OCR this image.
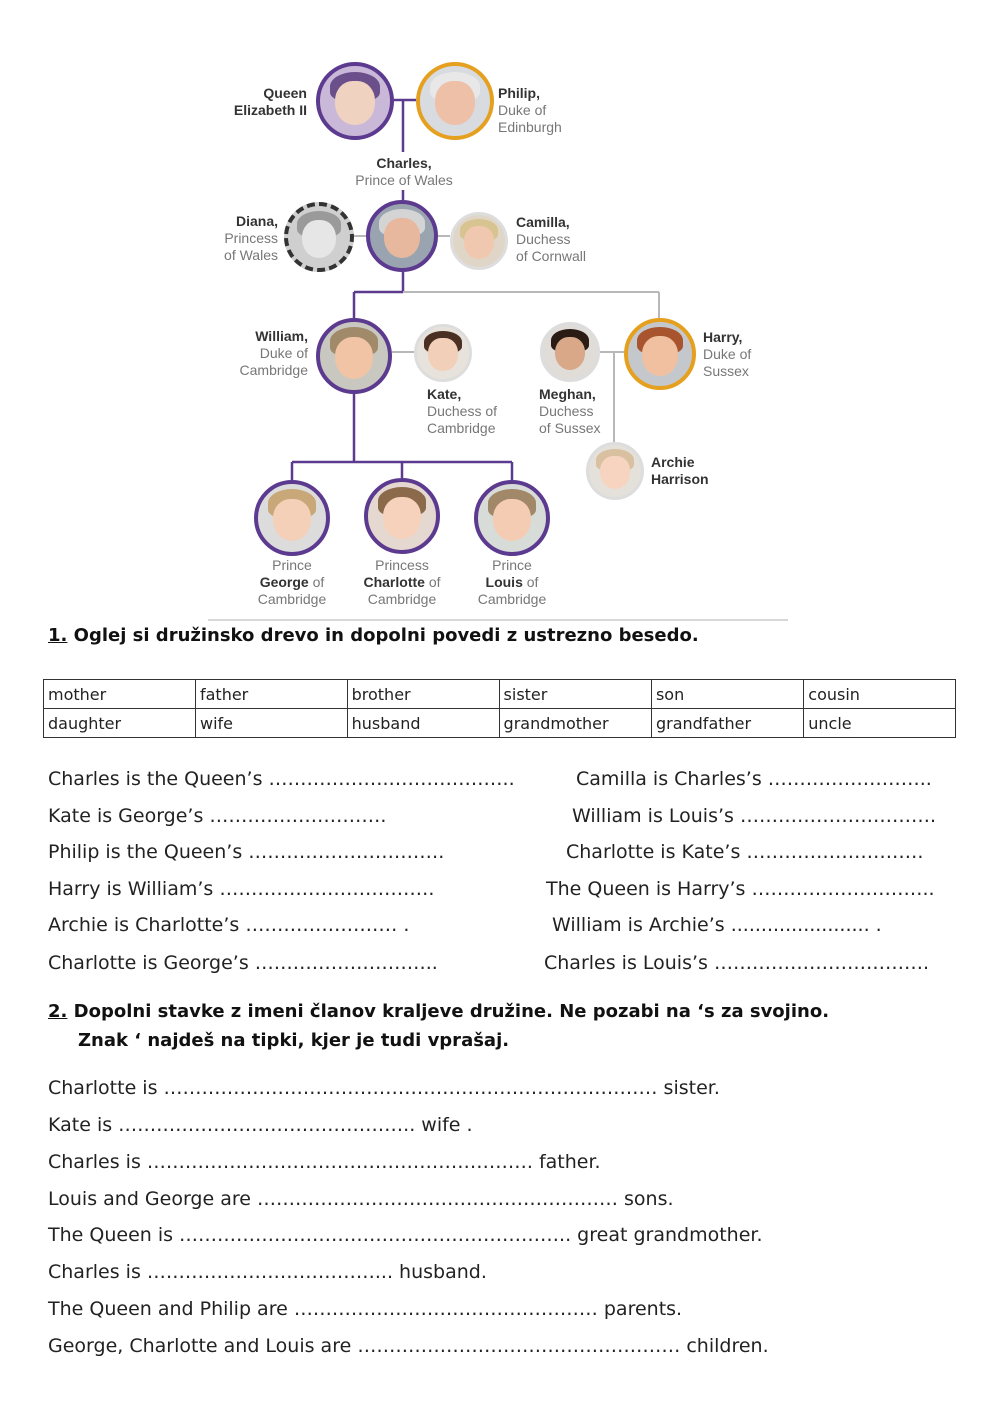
Queen
Elizabeth II
Philip,
Duke of
Edinburgh
Charles,
Prince of Wales
Diana,
Princess
of Wales
Camilla,
Duchess
of Cornwall
William,
Duke of
Cambridge
Kate,
Duchess of
Cambridge
Meghan,
Duchess
of Sussex
Harry,
Duke of
Sussex
Archie
Harrison
Prince
George of
Cambridge
Princess
Charlotte of
Cambridge
Prince
Louis of
Cambridge
1. Oglej si družinsko drevo in dopolni povedi z ustrezno besedo.
mother	father	brother	sister	son	cousin
daughter	wife	husband	grandmother	grandfather	uncle
Charles is the Queen’s ……………….………………..
Kate is George’s ……………………….
Philip is the Queen’s ………………………….
Harry is William’s …………………………….
Archie is Charlotte’s …………………… .
Charlotte is George’s ………………………..
Camilla is Charles’s ……………………..
William is Louis’s ………………………….
Charlotte is Kate’s ……………………….
The Queen is Harry’s ………………………..
William is Archie’s ....................... .
Charles is Louis’s …………………………….
2. Dopolni stavke z imeni članov kraljeve družine. Ne pozabi na ‘s za svojino.
Znak ‘ najdeš na tipki, kjer je tudi vprašaj.
Charlotte is …………………………………………………………………… sister.
Kate is ……………………………………….. wife .
Charles is ……………………………………………………. father.
Louis and George are ………………………………………………… sons.
The Queen is …………………………………………………….. great grandmother.
Charles is ………………………………... husband.
The Queen and Philip are ………………………………………… parents.
George, Charlotte and Louis are …………………………………………… children.
